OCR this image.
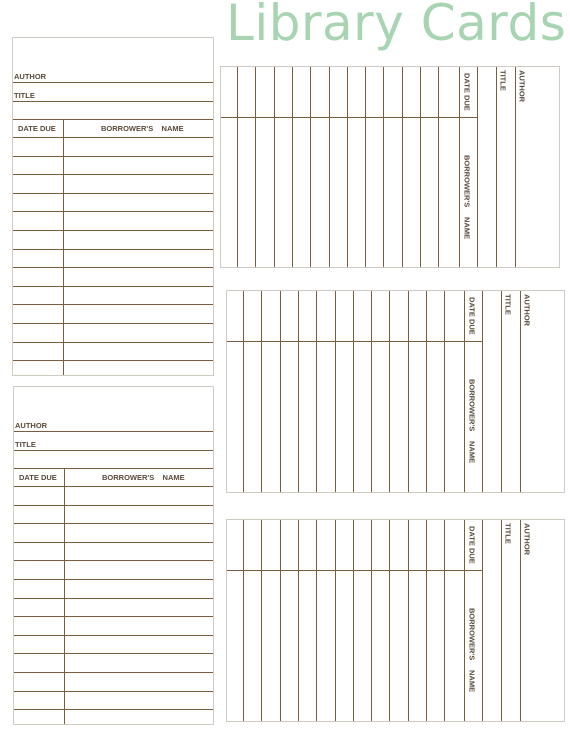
Library Cards
AUTHOR
TITLE
DATE DUE	BORROWER'S    NAME
AUTHOR
TITLE
DATE DUE	BORROWER'S    NAME
AUTHOR
TITLE
DATE DUE
BORROWER'S
NAME
AUTHOR
TITLE
DATE DUE
BORROWER'S
NAME
AUTHOR
TITLE
DATE DUE
BORROWER'S
NAME
